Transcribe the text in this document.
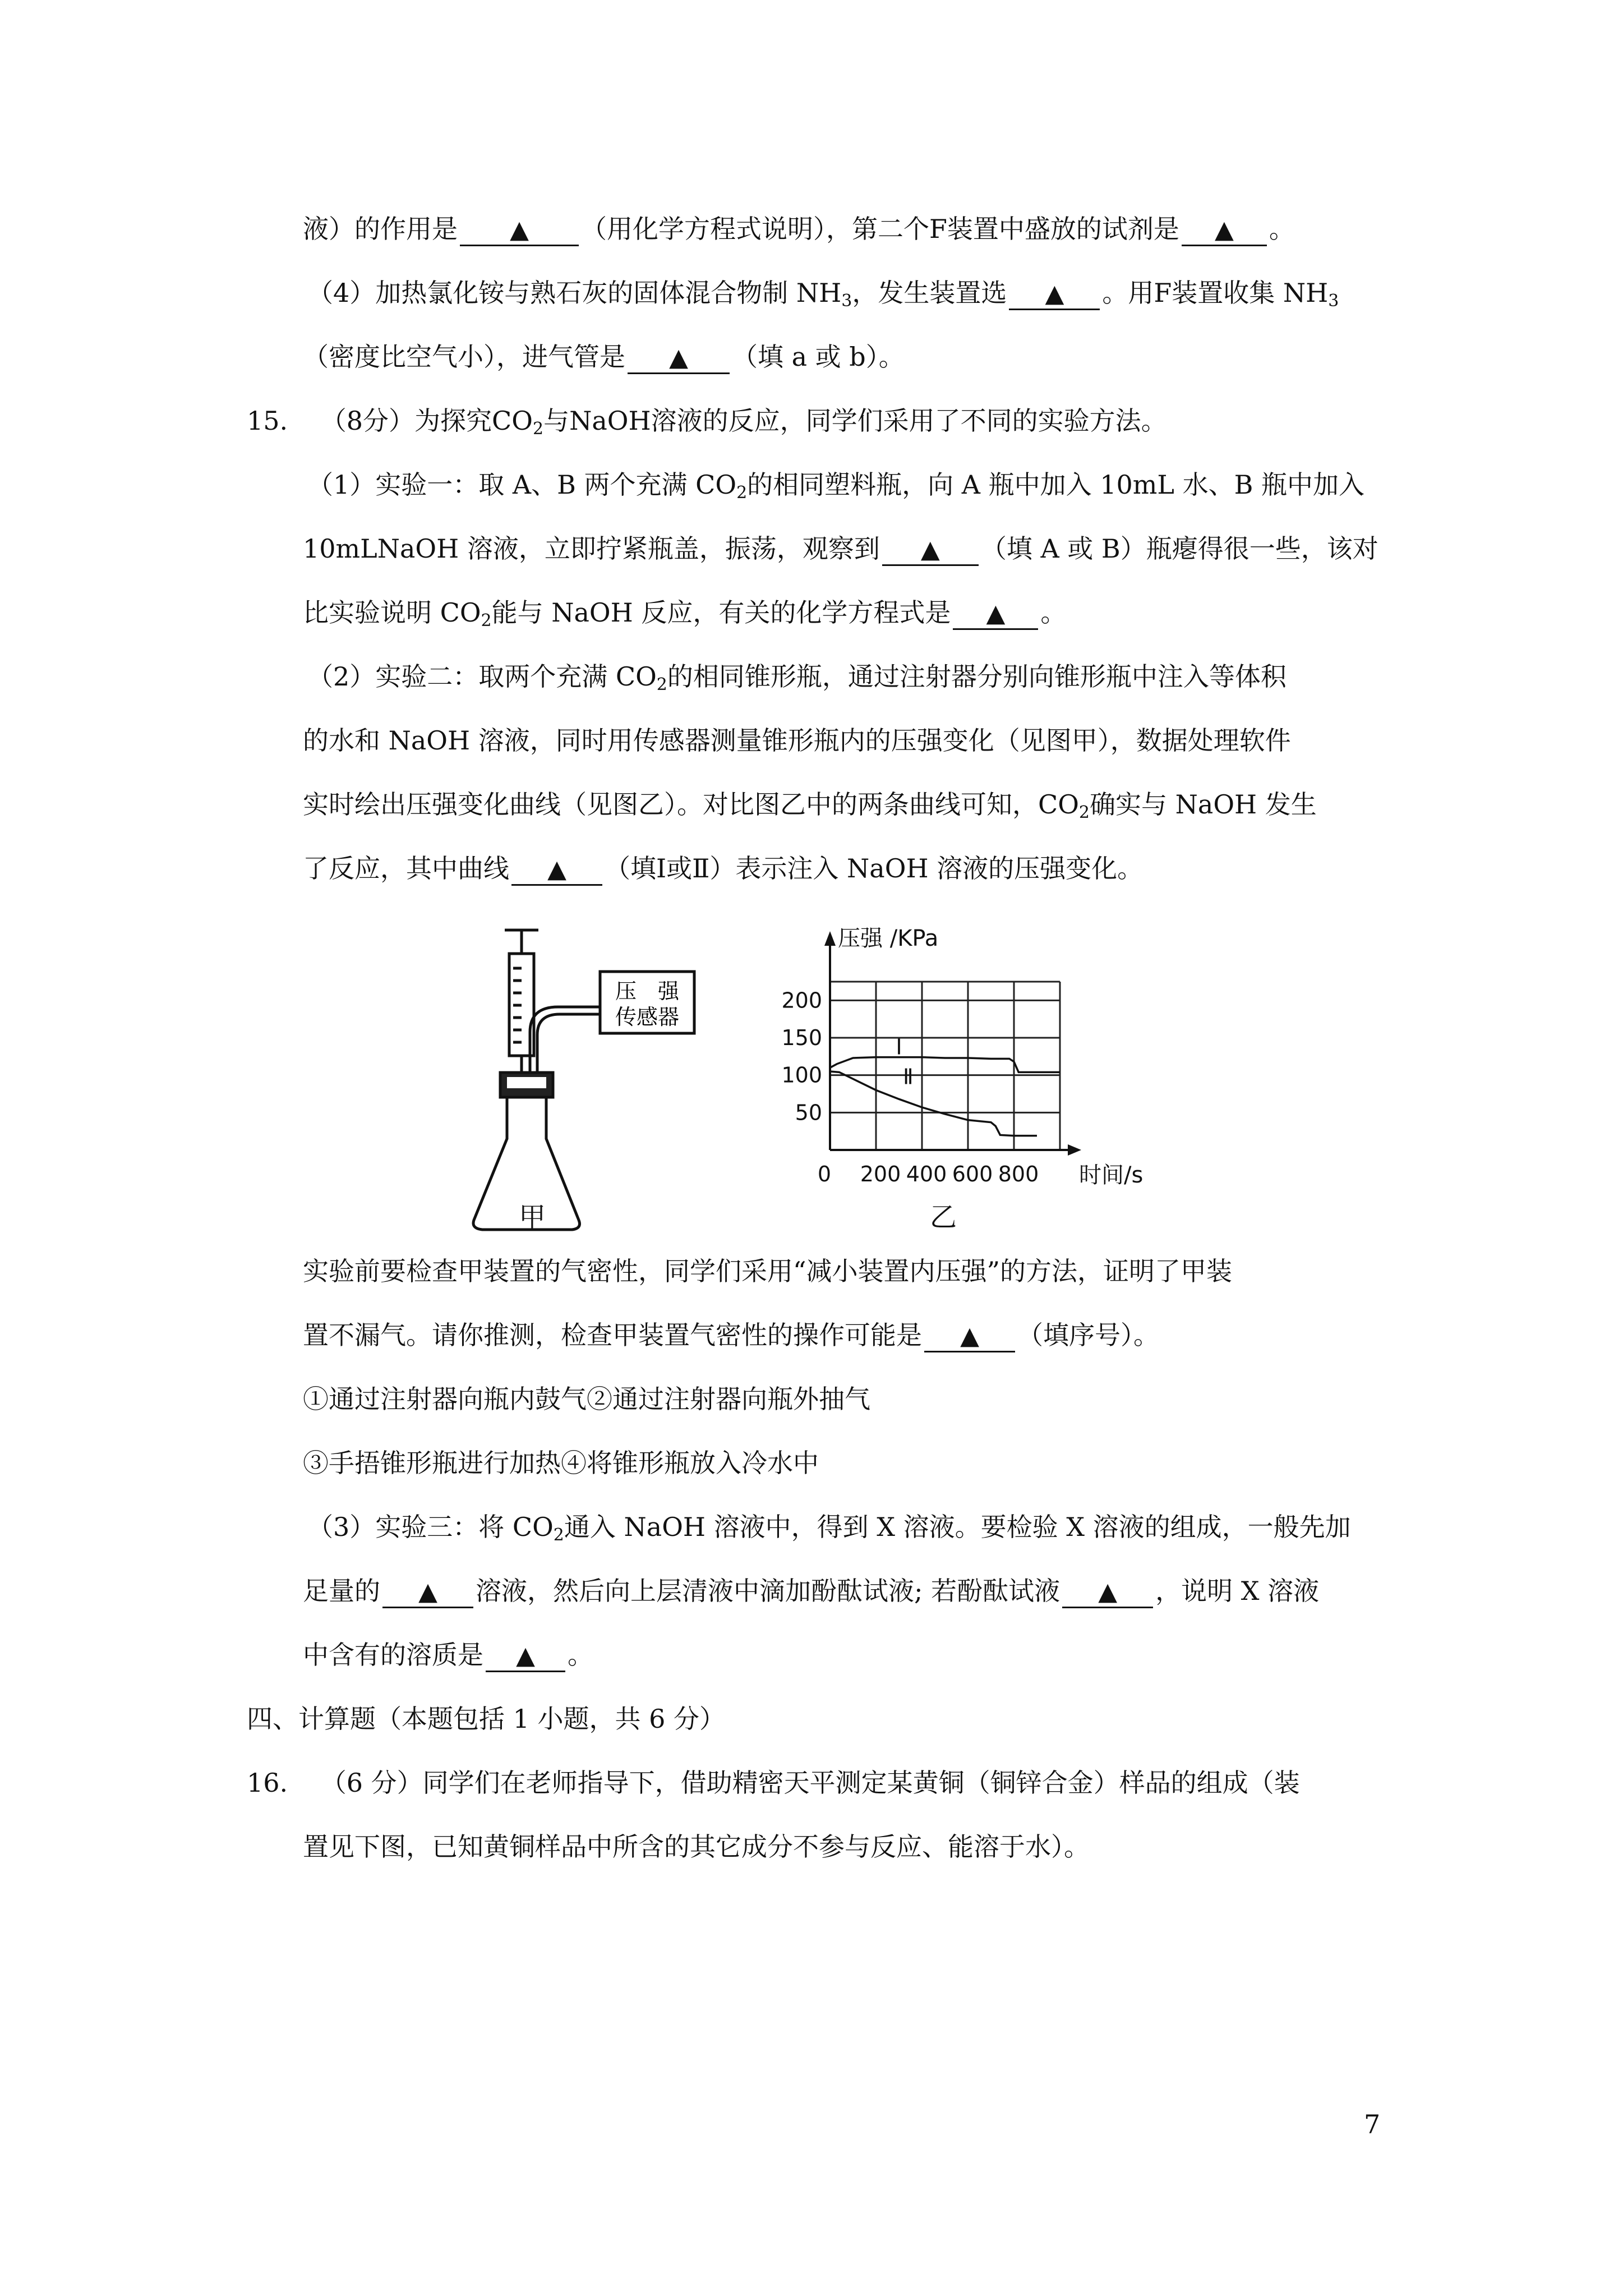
液）的作用是 ▲ （用化学方程式说明），第二个F装置中盛放的试剂是 ▲ 。
（4）加热氯化铵与熟石灰的固体混合物制 $NH_3$，发生装置选 ▲ 。用F装置收集 $NH_3$
（密度比空气小），进气管是 ▲ （填 a 或 b）。
15. （8分）为探究$CO_2$与NaOH溶液的反应，同学们采用了不同的实验方法。
（1）实验一：取 A、B 两个充满 $CO_2$的相同塑料瓶，向 A 瓶中加入 10mL 水、B 瓶中加入
10mLNaOH 溶液，立即拧紧瓶盖，振荡，观察到 ▲ （填 A 或 B）瓶瘪得很一些，该对
比实验说明 $CO_2$能与 NaOH 反应，有关的化学方程式是 ▲ 。
（2）实验二：取两个充满 $CO_2$的相同锥形瓶，通过注射器分别向锥形瓶中注入等体积
的水和 NaOH 溶液，同时用传感器测量锥形瓶内的压强变化（见图甲），数据处理软件
实时绘出压强变化曲线（见图乙）。对比图乙中的两条曲线可知，$CO_2$确实与 NaOH 发生
了反应，其中曲线 ▲ （填Ⅰ或Ⅱ）表示注入 NaOH 溶液的压强变化。
压　强
传感器
甲
50
100
150
200
0 200 400 600 800
压强 /KPa
时间/s
Ⅰ
Ⅱ
乙
实验前要检查甲装置的气密性，同学们采用“减小装置内压强”的方法，证明了甲装
置不漏气。请你推测，检查甲装置气密性的操作可能是 ▲ （填序号）。
①通过注射器向瓶内鼓气②通过注射器向瓶外抽气
③手捂锥形瓶进行加热④将锥形瓶放入冷水中
（3）实验三：将 $CO_2$通入 NaOH 溶液中，得到 X 溶液。要检验 X 溶液的组成，一般先加
足量的 ▲ 溶液，然后向上层清液中滴加酚酞试液; 若酚酞试液 ▲ ，说明 X 溶液
中含有的溶质是 ▲ 。
四、计算题（本题包括 1 小题，共 6 分）
16. （6 分）同学们在老师指导下，借助精密天平测定某黄铜（铜锌合金）样品的组成（装
置见下图，已知黄铜样品中所含的其它成分不参与反应、能溶于水）。
7
